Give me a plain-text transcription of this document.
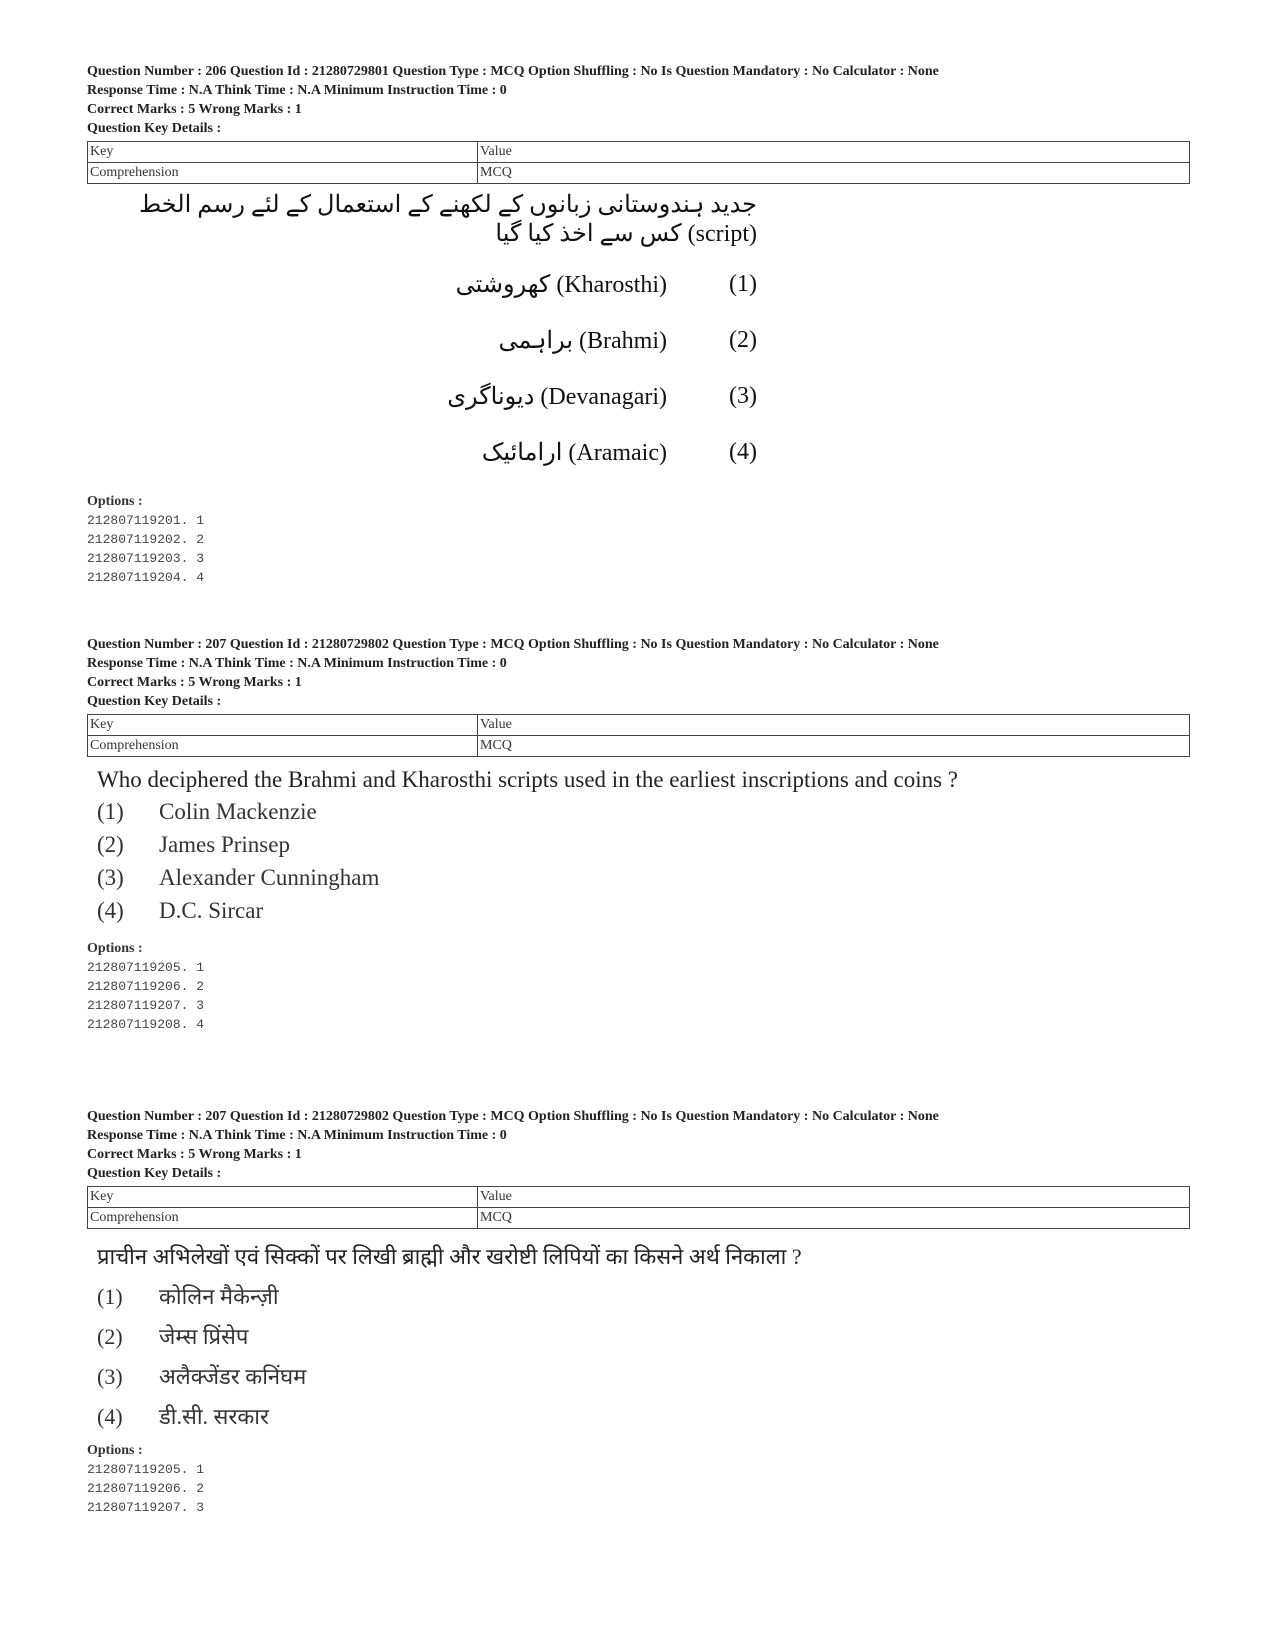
Question Number : 206 Question Id : 21280729801 Question Type : MCQ Option Shuffling : No Is Question Mandatory : No Calculator : None
Response Time : N.A Think Time : N.A Minimum Instruction Time : 0
Correct Marks : 5 Wrong Marks : 1
Question Key Details :
Key	Value
Comprehension	MCQ
جدید ہندوستانی زبانوں کے لکھنے کے استعمال کے لئے رسم الخط (script) کس سے اخذ کیا گیا
کھروشتی (Kharosthi)	(1)
براہمی (Brahmi)	(2)
دیوناگری (Devanagari)	(3)
ارامائیک (Aramaic)	(4)
Options :
212807119201. 1
212807119202. 2
212807119203. 3
212807119204. 4
Question Number : 207 Question Id : 21280729802 Question Type : MCQ Option Shuffling : No Is Question Mandatory : No Calculator : None
Response Time : N.A Think Time : N.A Minimum Instruction Time : 0
Correct Marks : 5 Wrong Marks : 1
Question Key Details :
Key	Value
Comprehension	MCQ
Who deciphered the Brahmi and Kharosthi scripts used in the earliest inscriptions and coins ?
(1)	Colin Mackenzie
(2)	James Prinsep
(3)	Alexander Cunningham
(4)	D.C. Sircar
Options :
212807119205. 1
212807119206. 2
212807119207. 3
212807119208. 4
Question Number : 207 Question Id : 21280729802 Question Type : MCQ Option Shuffling : No Is Question Mandatory : No Calculator : None
Response Time : N.A Think Time : N.A Minimum Instruction Time : 0
Correct Marks : 5 Wrong Marks : 1
Question Key Details :
Key	Value
Comprehension	MCQ
प्राचीन अभिलेखों एवं सिक्कों पर लिखी ब्राह्मी और खरोष्टी लिपियों का किसने अर्थ निकाला ?
(1)	कोलिन मैकेन्ज़ी
(2)	जेम्स प्रिंसेप
(3)	अलैक्जेंडर कनिंघम
(4)	डी.सी. सरकार
Options :
212807119205. 1
212807119206. 2
212807119207. 3
